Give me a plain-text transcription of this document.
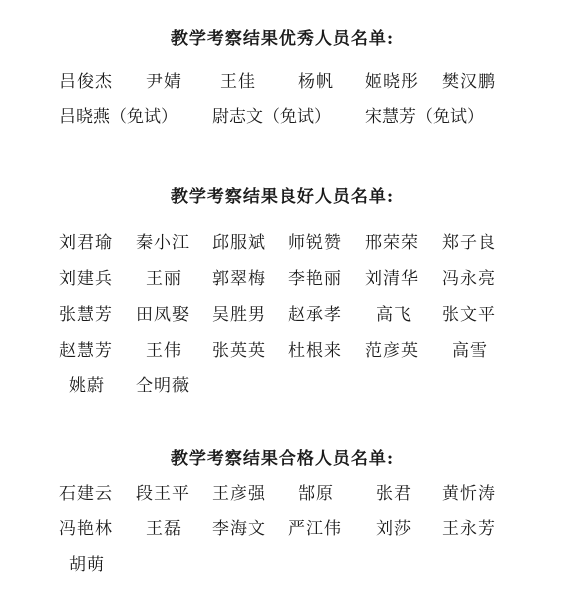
教学考察结果优秀人员名单:
吕俊杰 尹婧 王佳 杨帆 姬晓彤 樊汉鹏
吕晓燕（免试） 尉志文（免试） 宋慧芳（免试）
教学考察结果良好人员名单:
刘君瑜 秦小江 邱服斌 师锐赞 邢荣荣 郑子良
刘建兵 王丽 郭翠梅 李艳丽 刘清华 冯永亮
张慧芳 田凤娶 吴胜男 赵承孝 高飞 张文平
赵慧芳 王伟 张英英 杜根来 范彦英 高雪
姚蔚 仝明薇
教学考察结果合格人员名单:
石建云 段王平 王彦强 郜原 张君 黄忻涛
冯艳林 王磊 李海文 严江伟 刘莎 王永芳
胡萌
